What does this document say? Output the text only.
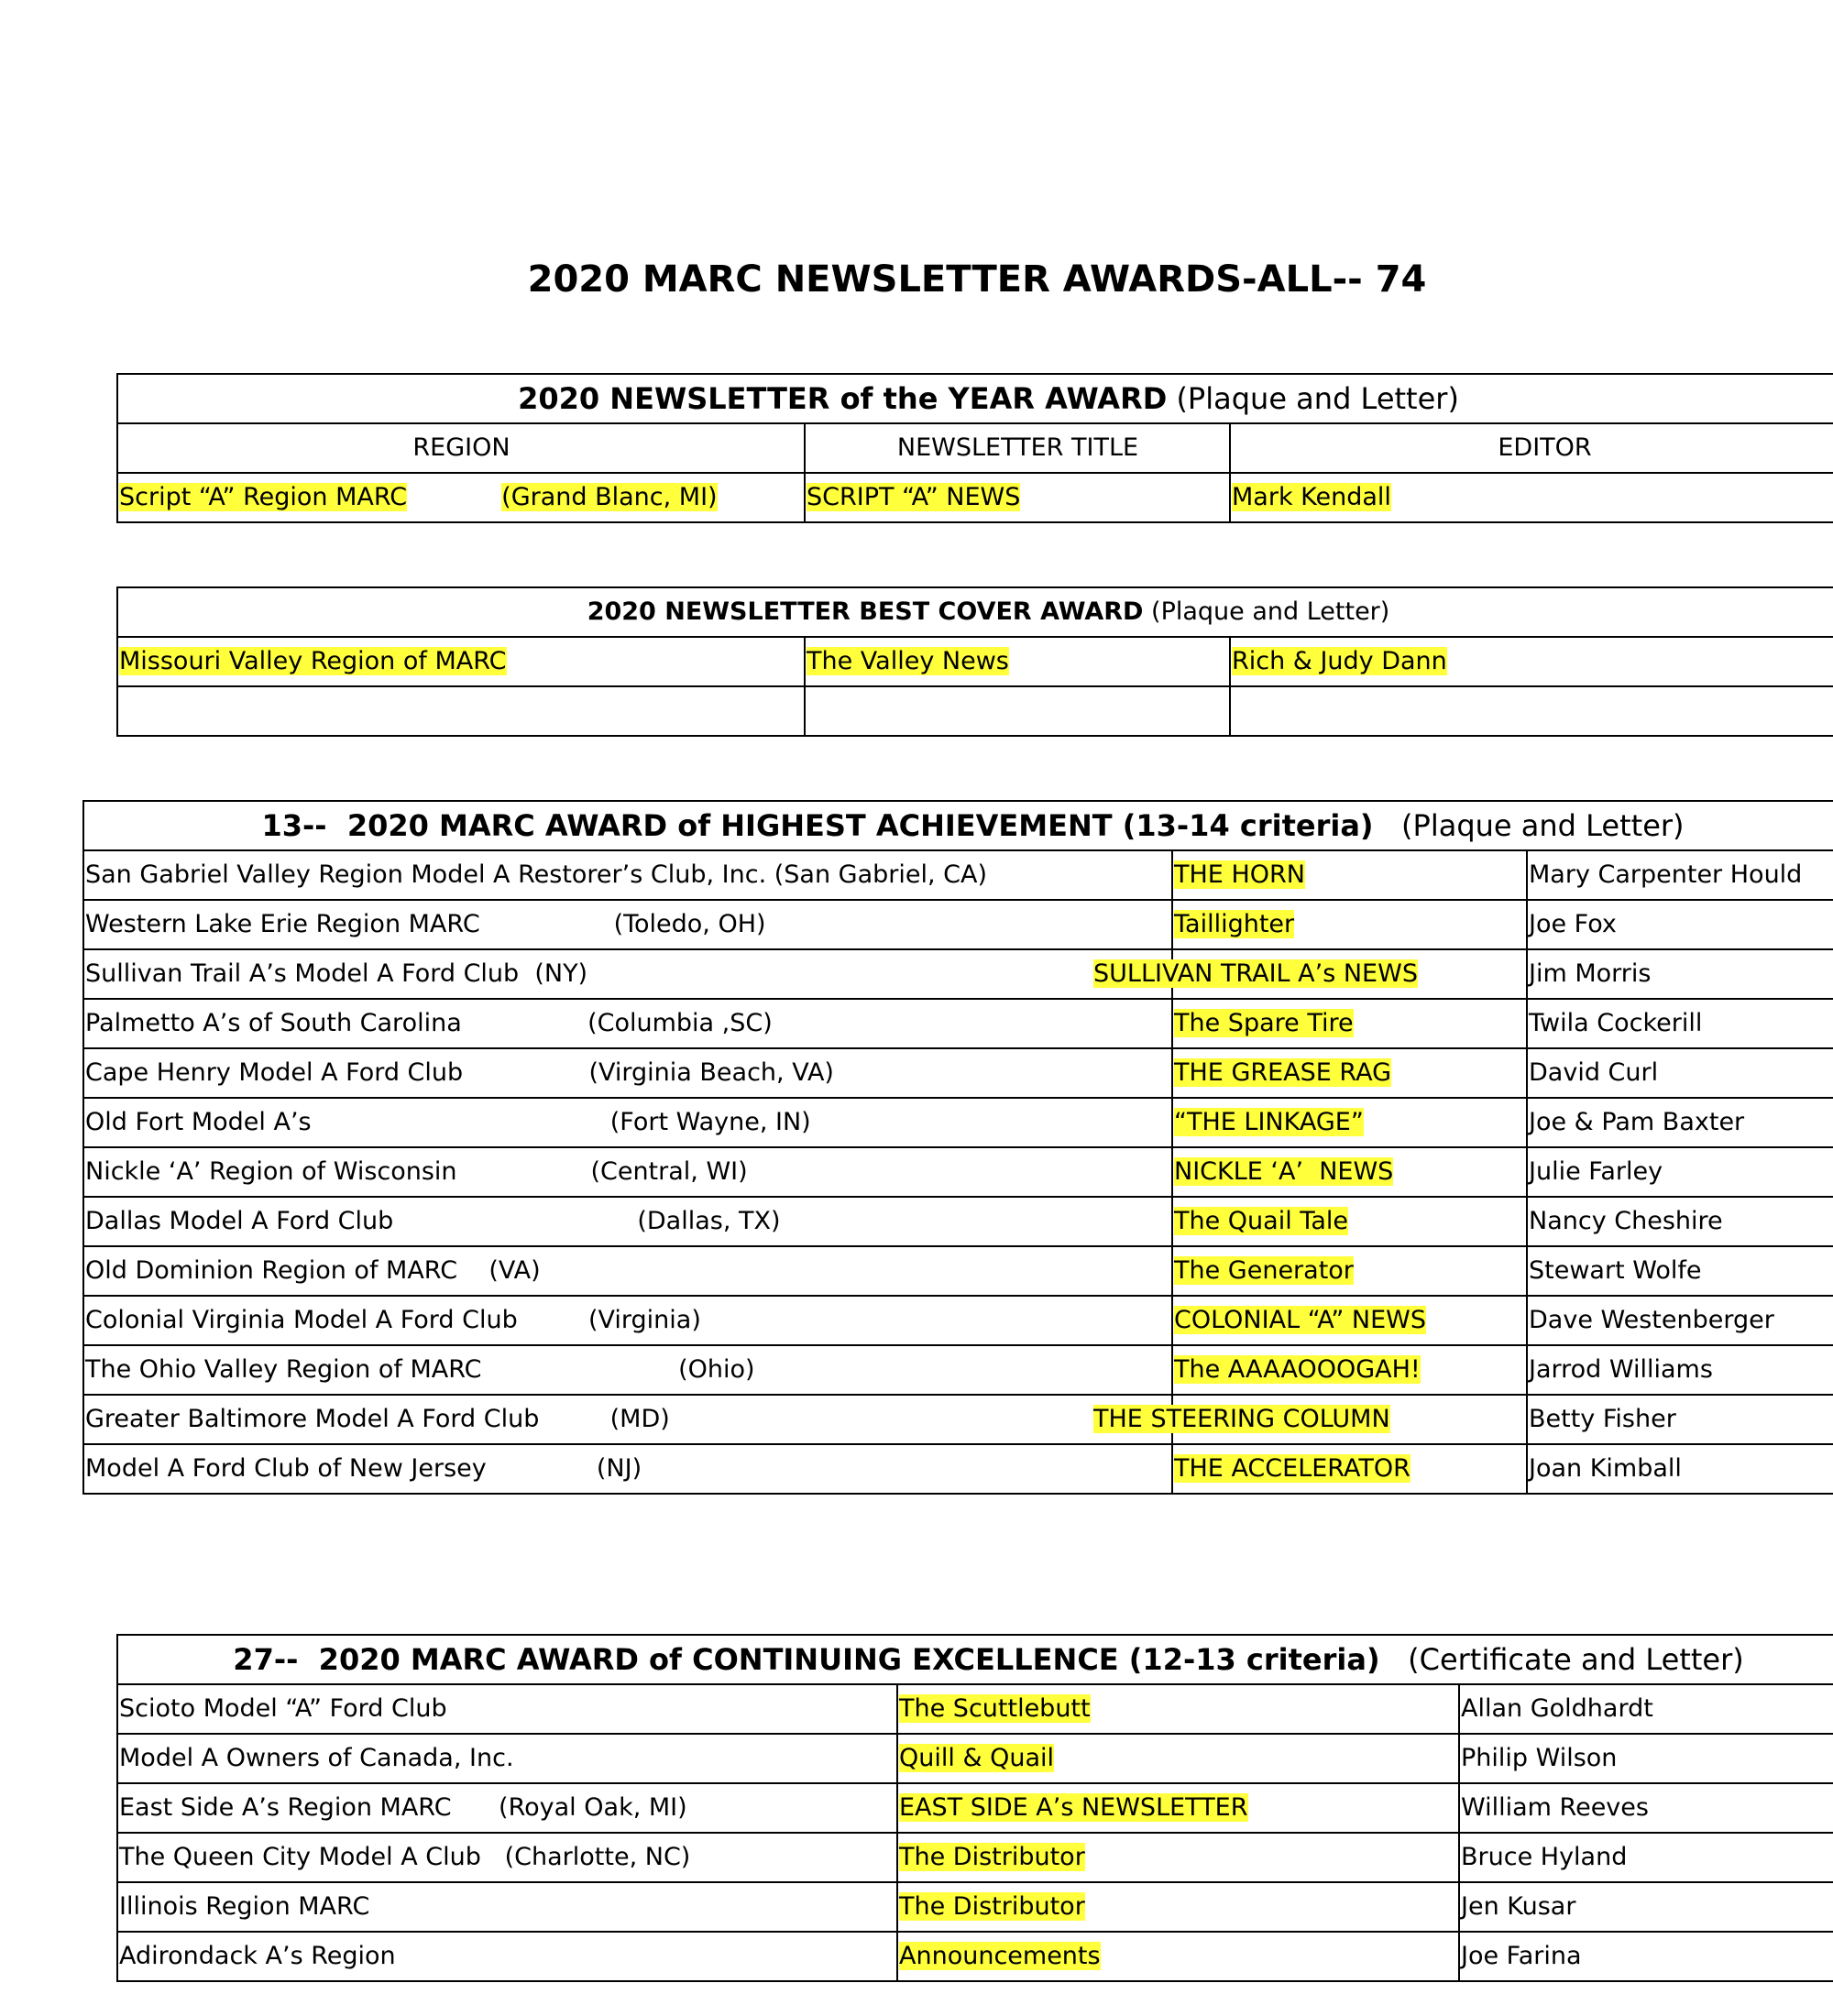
2020 MARC NEWSLETTER AWARDS-ALL-- 74
2020 NEWSLETTER of the YEAR AWARD (Plaque and Letter)		
REGION	NEWSLETTER TITLE	EDITOR
Script “A” Region MARC (Grand Blanc, MI)	SCRIPT “A” NEWS	Mark Kendall
2020 NEWSLETTER BEST COVER AWARD (Plaque and Letter)		
Missouri Valley Region of MARC	The Valley News	Rich & Judy Dann

13--  2020 MARC AWARD of HIGHEST ACHIEVEMENT (13-14 criteria)   (Plaque and Letter)		
San Gabriel Valley Region Model A Restorer’s Club, Inc. (San Gabriel, CA)	THE HORN	Mary Carpenter Hould
Western Lake Erie Region MARC                 (Toledo, OH)	Taillighter	Joe Fox
Sullivan Trail A’s Model A Ford Club  (NY)	SULLIVAN TRAIL A’s NEWS	Jim Morris
Palmetto A’s of South Carolina                (Columbia ,SC)	The Spare Tire	Twila Cockerill
Cape Henry Model A Ford Club                (Virginia Beach, VA)	THE GREASE RAG	David Curl
Old Fort Model A’s                                      (Fort Wayne, IN)	“THE LINKAGE”	Joe & Pam Baxter
Nickle ‘A’ Region of Wisconsin                 (Central, WI)	NICKLE ‘A’  NEWS	Julie Farley
Dallas Model A Ford Club                               (Dallas, TX)	The Quail Tale	Nancy Cheshire
Old Dominion Region of MARC    (VA)	The Generator	Stewart Wolfe
Colonial Virginia Model A Ford Club         (Virginia)	COLONIAL “A” NEWS	Dave Westenberger
The Ohio Valley Region of MARC                         (Ohio)	The AAAAOOOGAH!	Jarrod Williams
Greater Baltimore Model A Ford Club         (MD)	THE STEERING COLUMN	Betty Fisher
Model A Ford Club of New Jersey              (NJ)	THE ACCELERATOR	Joan Kimball
27--  2020 MARC AWARD of CONTINUING EXCELLENCE (12-13 criteria)   (Certificate and Letter)		
Scioto Model “A” Ford Club	The Scuttlebutt	Allan Goldhardt
Model A Owners of Canada, Inc.	Quill & Quail	Philip Wilson
East Side A’s Region MARC      (Royal Oak, MI)	EAST SIDE A’s NEWSLETTER	William Reeves
The Queen City Model A Club   (Charlotte, NC)	The Distributor	Bruce Hyland
Illinois Region MARC	The Distributor	Jen Kusar
Adirondack A’s Region	Announcements	Joe Farina
